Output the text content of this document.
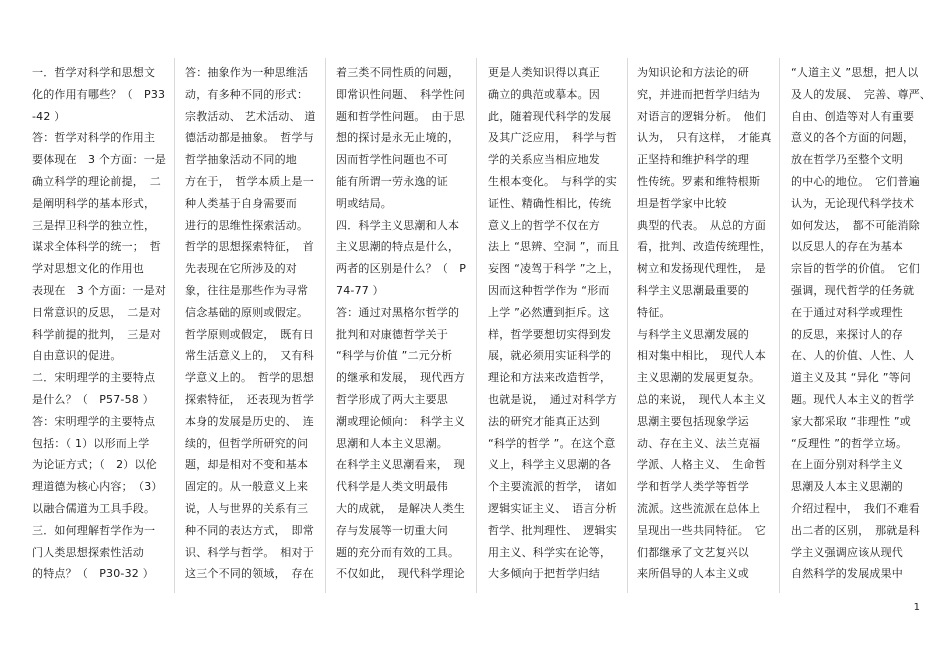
一．哲学对科学和思想文
化的作用有哪些？（　P33
-42 ）
答：哲学对科学的作用主
要体现在　3 个方面：一是
确立科学的理论前提，　二
是阐明科学的基本形式，
三是捍卫科学的独立性，
谋求全体科学的统一；　哲
学对思想文化的作用也
表现在　3 个方面：一是对
日常意识的反思，　二是对
科学前提的批判，　三是对
自由意识的促进。
二．宋明理学的主要特点
是什么？（　P57-58 ）
答：宋明理学的主要特点
包括：（ 1）以形而上学
为论证方式；（　2）以伦
理道德为核心内容；　（3）
以融合儒道为工具手段。
三．如何理解哲学作为一
门人类思想探索性活动
的特点？（　P30-32 ）
答：抽象作为一种思维活
动，有多种不同的形式：
宗教活动、 艺术活动、 道
德活动都是抽象。　哲学与
哲学抽象活动不同的地
方在于，　哲学本质上是一
种人类基于自身需要而
进行的思维性探索活动。
哲学的思想探索特征，　首
先表现在它所涉及的对
象，往往是那些作为寻常
信念基础的原则或假定。
哲学原则或假定，　既有日
常生活意义上的，　又有科
学意义上的。　哲学的思想
探索特征，　还表现为哲学
本身的发展是历史的、　连
续的，但哲学所研究的问
题，却是相对不变和基本
固定的。从一般意义上来
说，人与世界的关系有三
种不同的表达方式，　即常
识、科学与哲学。　相对于
这三个不同的领域，　存在
着三类不同性质的问题，
即常识性问题、　科学性问
题和哲学性问题。　由于思
想的探讨是永无止境的，
因而哲学性问题也不可
能有所谓一劳永逸的证
明或结局。
四．科学主义思潮和人本
主义思潮的特点是什么，
两者的区别是什么？（　P
74-77 ）
答：通过对黑格尔哲学的
批判和对康德哲学关于
“科学与价值 ”二元分析
的继承和发展，　现代西方
哲学形成了两大主要思
潮或理论倾向：　科学主义
思潮和人本主义思潮。
在科学主义思潮看来，　现
代科学是人类文明最伟
大的成就，　是解决人类生
存与发展等一切重大问
题的充分而有效的工具。
不仅如此，　现代科学理论
更是人类知识得以真正
确立的典范或摹本。因
此，随着现代科学的发展
及其广泛应用，　科学与哲
学的关系应当相应地发
生根本变化。　与科学的实
证性、精确性相比，传统
意义上的哲学不仅在方
法上 “思辨、空洞 ”，而且
妄图 “凌驾于科学 ”之上，
因而这种哲学作为 “形而
上学 ”必然遭到拒斥。这
样，哲学要想切实得到发
展，就必须用实证科学的
理论和方法来改造哲学，
也就是说，　通过对科学方
法的研究才能真正达到
“科学的哲学 ”。在这个意
义上，科学主义思潮的各
个主要流派的哲学，　诸如
逻辑实证主义、　语言分析
哲学、批判理性、　逻辑实
用主义、科学实在论等，
大多倾向于把哲学归结
为知识论和方法论的研
究，并进而把哲学归结为
对语言的逻辑分析。　他们
认为，　只有这样，　才能真
正坚持和维护科学的理
性传统。罗素和维特根斯
坦是哲学家中比较
典型的代表。　从总的方面
看，批判、改造传统理性，
树立和发扬现代理性，　是
科学主义思潮最重要的
特征。
与科学主义思潮发展的
相对集中相比，　现代人本
主义思潮的发展更复杂。
总的来说，　现代人本主义
思潮主要包括现象学运
动、存在主义、法兰克福
学派、人格主义、　生命哲
学和哲学人类学等哲学
流派。这些流派在总体上
呈现出一些共同特征。　它
们都继承了文艺复兴以
来所倡导的人本主义或
“人道主义 ”思想，把人以
及人的发展、　完善、尊严、
自由、创造等对人有重要
意义的各个方面的问题，
放在哲学乃至整个文明
的中心的地位。　它们普遍
认为，无论现代科学技术
如何发达，　都不可能消除
以反思人的存在为基本
宗旨的哲学的价值。　它们
强调，现代哲学的任务就
在于通过对科学或理性
的反思，来探讨人的存
在、人的价值、人性、人
道主义及其 “异化 ”等问
题。现代人本主义的哲学
家大都采取 “非理性 ”或
“反理性 ”的哲学立场。
在上面分别对科学主义
思潮及人本主义思潮的
介绍过程中，　我们不难看
出二者的区别，　那就是科
学主义强调应该从现代
自然科学的发展成果中
1
